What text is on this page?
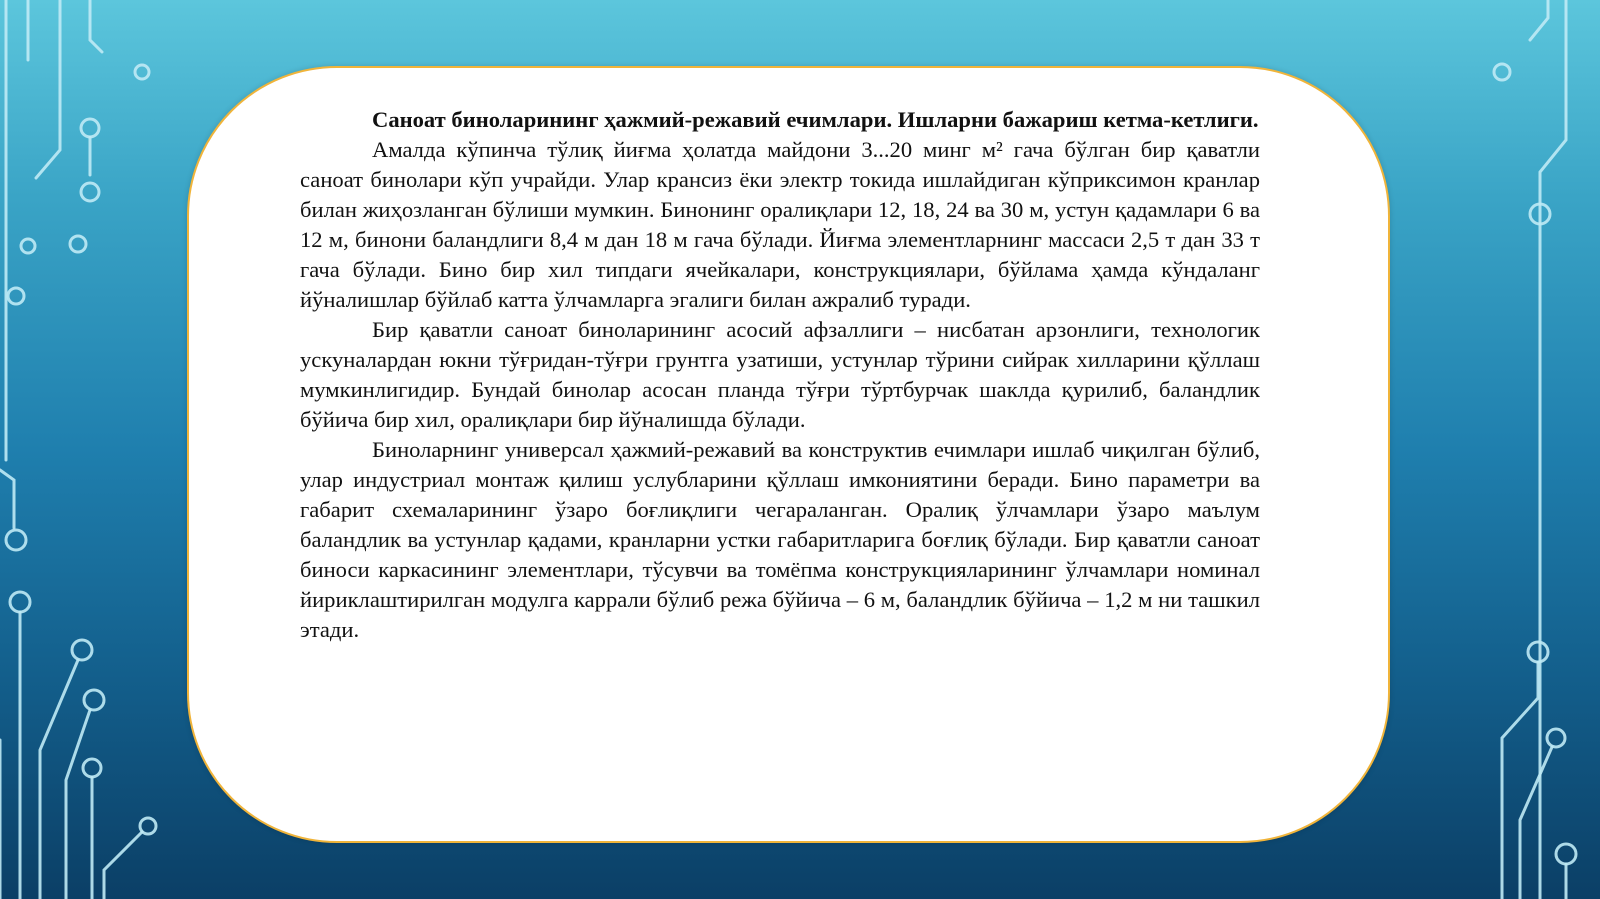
Саноат биноларининг ҳажмий-режавий ечимлари. Ишларни бажариш кетма-кетлиги.

Амалда кўпинча тўлиқ йиғма ҳолатда майдони 3...20 минг м² гача бўлган бир қаватли саноат бинолари кўп учрайди. Улар крансиз ёки электр токида ишлайдиган кўприксимон кранлар билан жиҳозланган бўлиши мумкин. Бинонинг оралиқлари 12, 18, 24 ва 30 м, устун қадамлари 6 ва 12 м, бинони баландлиги 8,4 м дан 18 м гача бўлади. Йиғма элементларнинг массаси 2,5 т дан 33 т гача бўлади. Бино бир хил типдаги ячейкалари, конструкциялари, бўйлама ҳамда кўндаланг йўналишлар бўйлаб катта ўлчамларга эгалиги билан ажралиб туради.

Бир қаватли саноат биноларининг асосий афзаллиги – нисбатан арзонлиги, технологик ускуналардан юкни тўғридан-тўғри грунтга узатиши, устунлар тўрини сийрак хилларини қўллаш мумкинлигидир. Бундай бинолар асосан планда тўғри тўртбурчак шаклда қурилиб, баландлик бўйича бир хил, оралиқлари бир йўналишда бўлади.

Биноларнинг универсал ҳажмий-режавий ва конструктив ечимлари ишлаб чиқилган бўлиб, улар индустриал монтаж қилиш услубларини қўллаш имкониятини беради. Бино параметри ва габарит схемаларининг ўзаро боғлиқлиги чегараланган. Оралиқ ўлчамлари ўзаро маълум баландлик ва устунлар қадами, кранларни устки габаритларига боғлиқ бўлади. Бир қаватли саноат биноси каркасининг элементлари, тўсувчи ва томёпма конструкцияларининг ўлчамлари номинал йириклаштирилган модулга каррали бўлиб режа бўйича – 6 м, баландлик бўйича – 1,2 м ни ташкил этади.
